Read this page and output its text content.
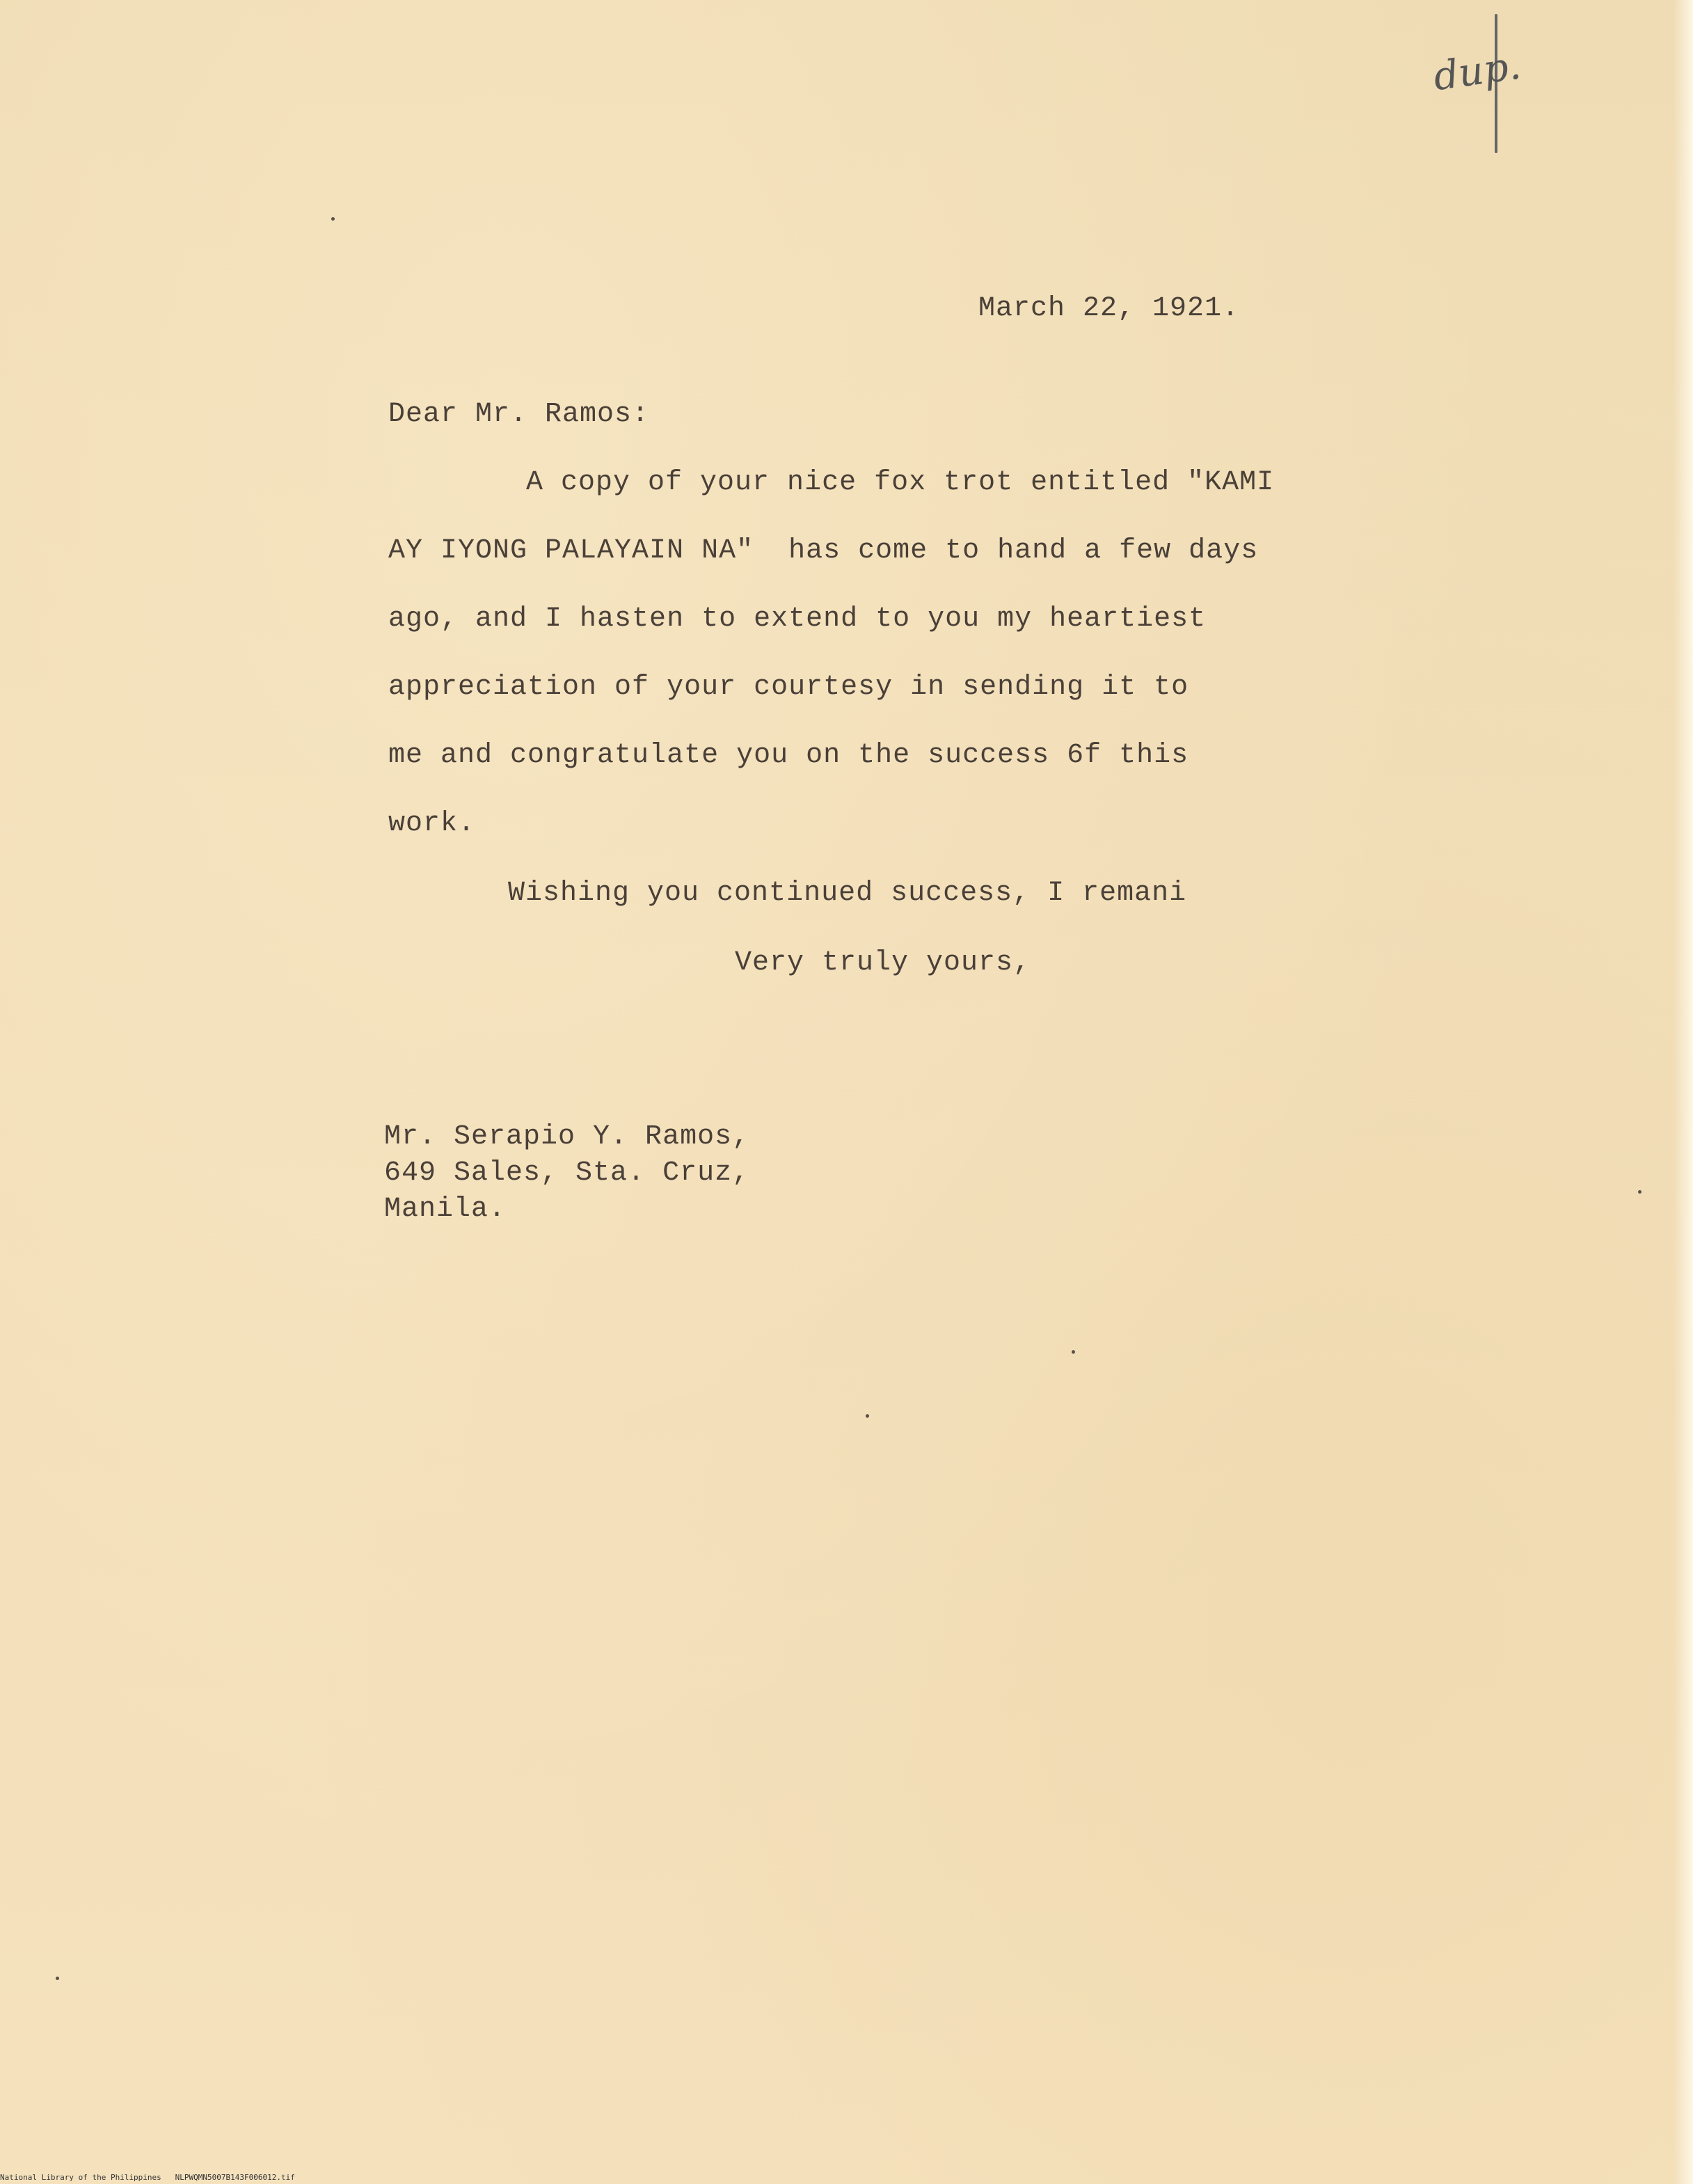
dup.

March 22, 1921.

Dear Mr. Ramos:

A copy of your nice fox trot entitled "KAMI

AY IYONG PALAYAIN NA"  has come to hand a few days

ago, and I hasten to extend to you my heartiest

appreciation of your courtesy in sending it to

me and congratulate you on the success 6f this

work.

Wishing you continued success, I remani

Very truly yours,

Mr. Serapio Y. Ramos,

649 Sales, Sta. Cruz,

Manila.

National Library of the Philippines NLPWQMN5007B143F006012.tif
